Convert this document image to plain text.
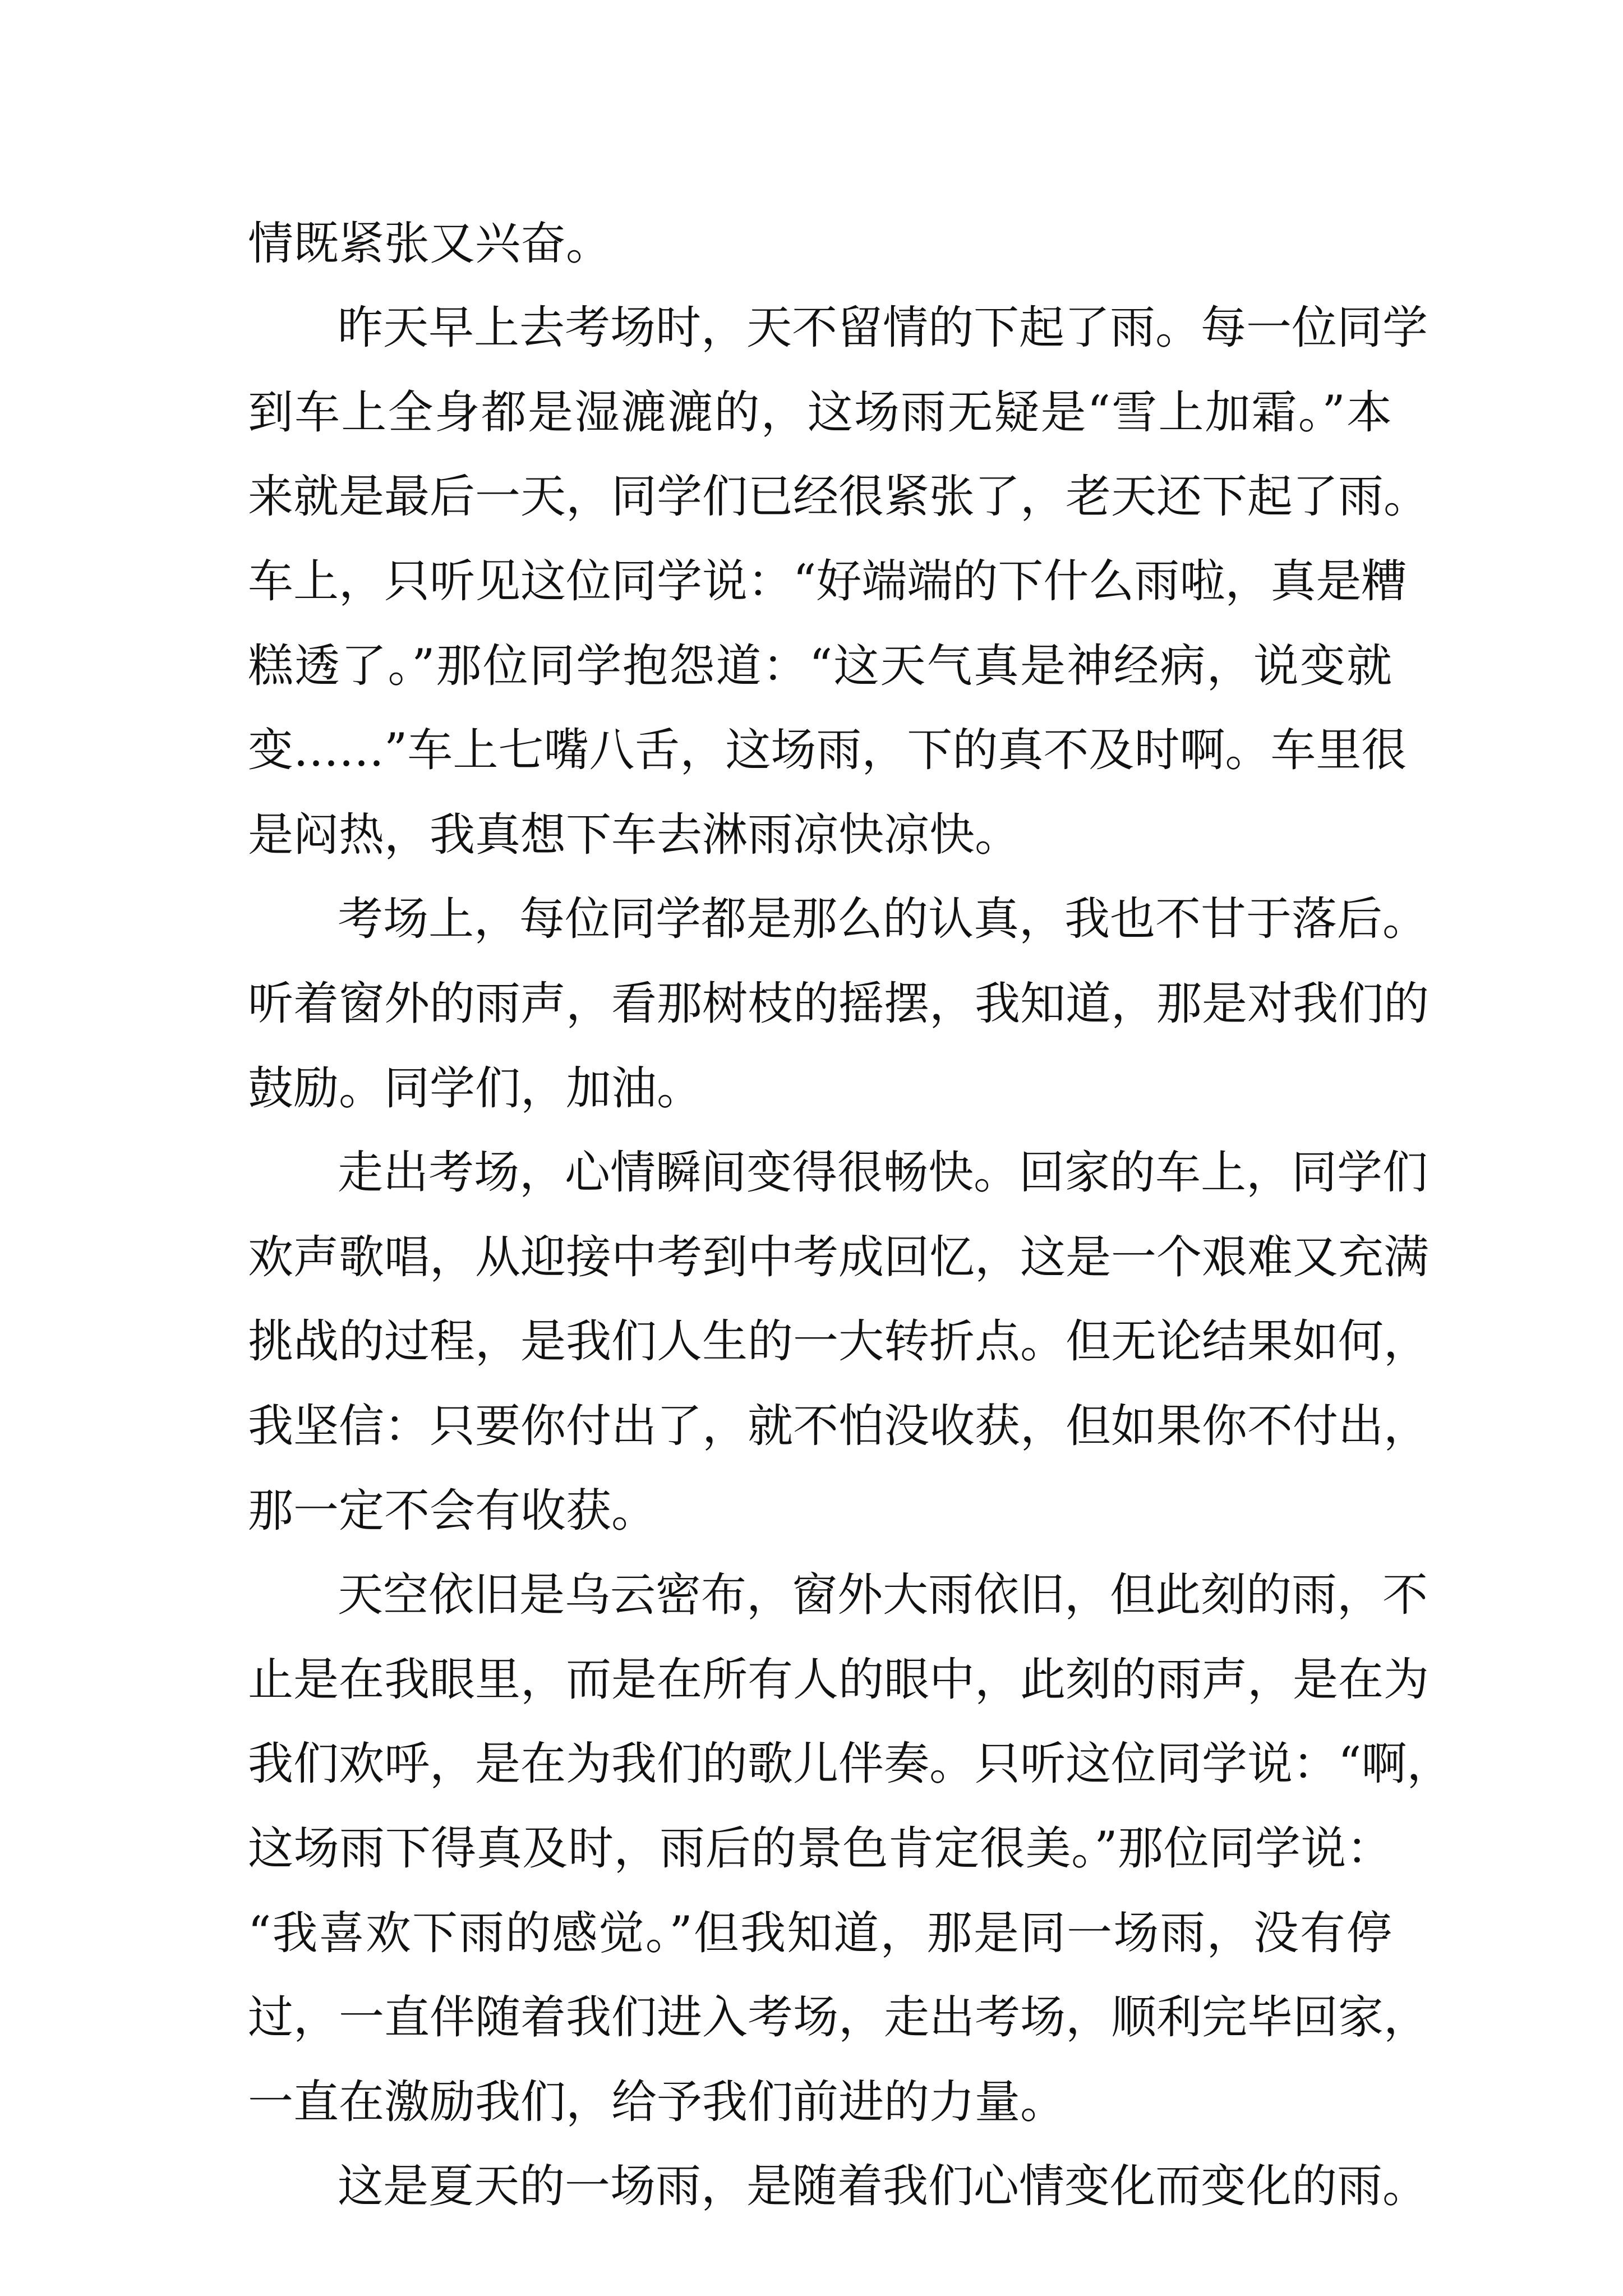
情既紧张又兴奋。
昨天早上去考场时，天不留情的下起了雨。每一位同学
到车上全身都是湿漉漉的，这场雨无疑是“雪上加霜。”本
来就是最后一天，同学们已经很紧张了，老天还下起了雨。
车上，只听见这位同学说：“好端端的下什么雨啦，真是糟
糕透了。”那位同学抱怨道：“这天气真是神经病，说变就
变……”车上七嘴八舌，这场雨，下的真不及时啊。车里很
是闷热，我真想下车去淋雨凉快凉快。
考场上，每位同学都是那么的认真，我也不甘于落后。
听着窗外的雨声，看那树枝的摇摆，我知道，那是对我们的
鼓励。同学们，加油。
走出考场，心情瞬间变得很畅快。回家的车上，同学们
欢声歌唱，从迎接中考到中考成回忆，这是一个艰难又充满
挑战的过程，是我们人生的一大转折点。但无论结果如何，
我坚信：只要你付出了，就不怕没收获，但如果你不付出，
那一定不会有收获。
天空依旧是乌云密布，窗外大雨依旧，但此刻的雨，不
止是在我眼里，而是在所有人的眼中，此刻的雨声，是在为
我们欢呼，是在为我们的歌儿伴奏。只听这位同学说：“啊，
这场雨下得真及时，雨后的景色肯定很美。”那位同学说：
“我喜欢下雨的感觉。”但我知道，那是同一场雨，没有停
过，一直伴随着我们进入考场，走出考场，顺利完毕回家，
一直在激励我们，给予我们前进的力量。
这是夏天的一场雨，是随着我们心情变化而变化的雨。
